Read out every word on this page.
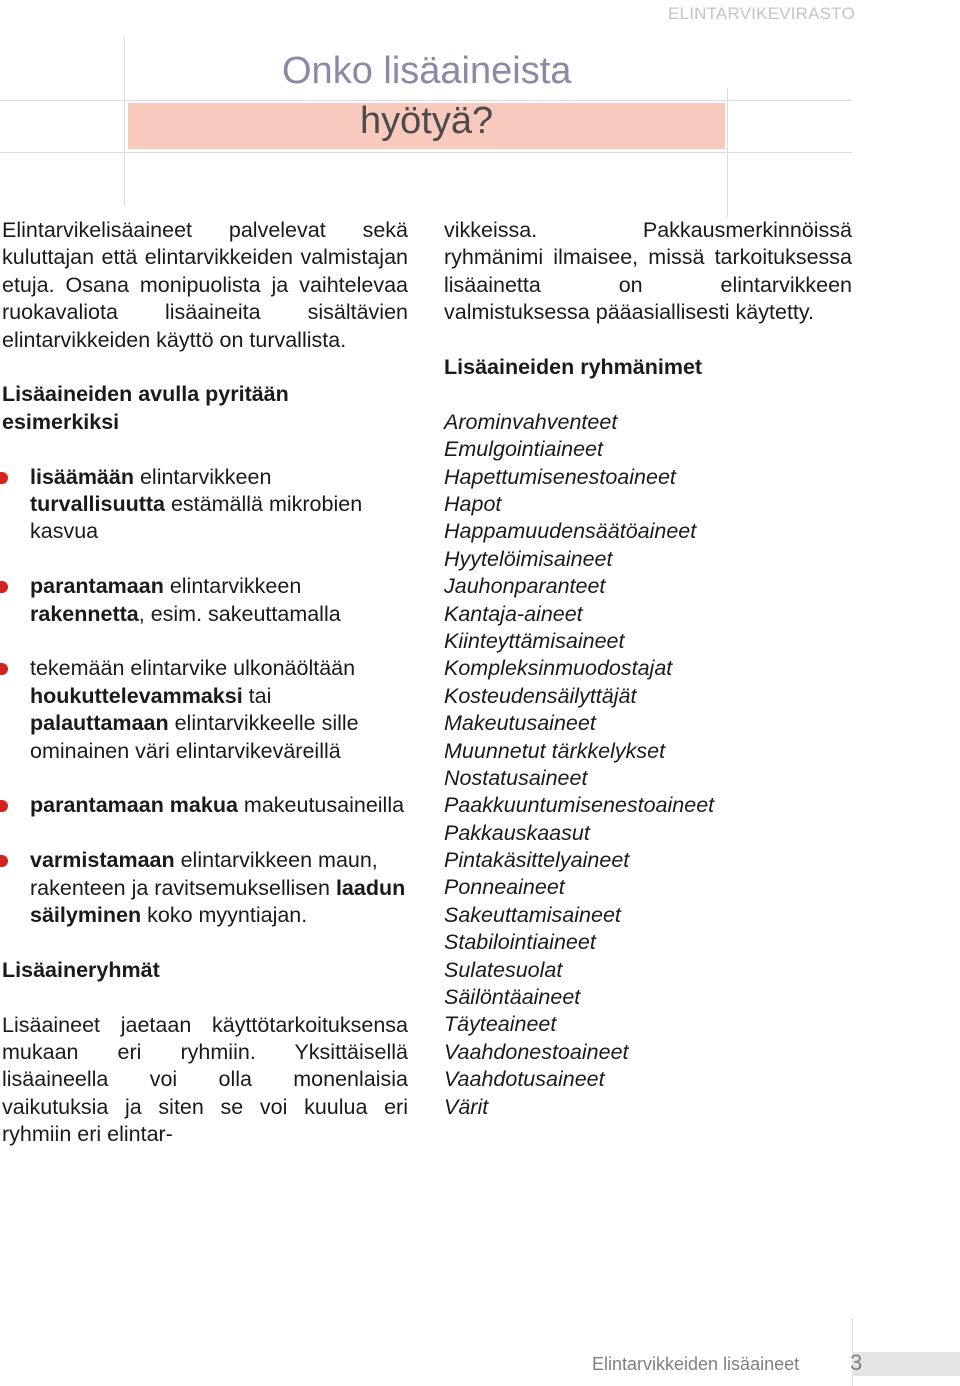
ELINTARVIKEVIRASTO
Onko lisäaineista
hyötyä?

Elintarvikelisäaineet palvelevat sekä kuluttajan että elintarvikkeiden valmistajan etuja. Osana monipuolista ja vaihtelevaa ruokavaliota lisäaineita sisältävien elintarvikkeiden käyttö on turvallista.

Lisäaineiden avulla pyritään esimerkiksi

lisäämään elintarvikkeen turvallisuutta estämällä mikrobien kasvua
parantamaan elintarvikkeen rakennetta, esim. sakeuttamalla
tekemään elintarvike ulkonäöltään houkuttelevammaksi tai palauttamaan elintarvikkeelle sille ominainen väri elintarvikeväreillä
parantamaan makua makeutusaineilla
varmistamaan elintarvikkeen maun, rakenteen ja ravitsemuksellisen laadun säilyminen koko myyntiajan.

Lisäaineryhmät

Lisäaineet jaetaan käyttötarkoituksensa mukaan eri ryhmiin. Yksittäisellä lisäaineella voi olla monenlaisia vaikutuksia ja siten se voi kuulua eri ryhmiin eri elintar-

vikkeissa. Pakkausmerkinnöissä ryhmänimi ilmaisee, missä tarkoituksessa lisäainetta on elintarvikkeen valmistuksessa pääasiallisesti käytetty.

Lisäaineiden ryhmänimet

Arominvahventeet
Emulgointiaineet
Hapettumisenestoaineet
Hapot
Happamuudensäätöaineet
Hyytelöimisaineet
Jauhonparanteet
Kantaja-aineet
Kiinteyttämisaineet
Kompleksinmuodostajat
Kosteudensäilyttäjät
Makeutusaineet
Muunnetut tärkkelykset
Nostatusaineet
Paakkuuntumisenestoaineet
Pakkauskaasut
Pintakäsittelyaineet
Ponneaineet
Sakeuttamisaineet
Stabilointiaineet
Sulatesuolat
Säilöntäaineet
Täyteaineet
Vaahdonestoaineet
Vaahdotusaineet
Värit
Elintarvikkeiden lisäaineet 3
